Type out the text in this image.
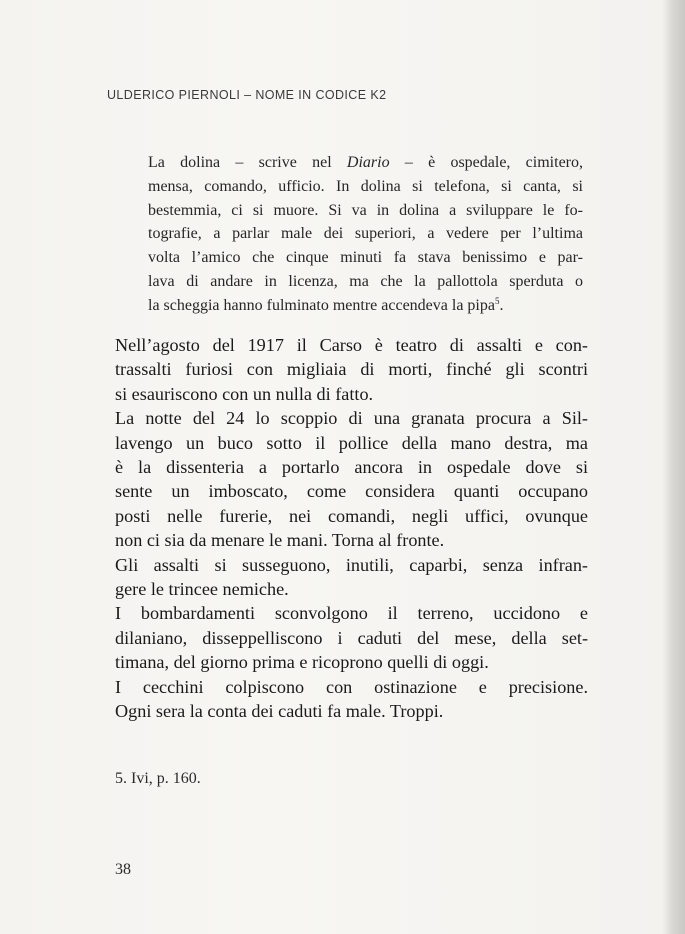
ULDERICO PIERNOLI – NOME IN CODICE K2
La dolina – scrive nel Diario – è ospedale, cimitero,
mensa, comando, ufficio. In dolina si telefona, si canta, si
bestemmia, ci si muore. Si va in dolina a sviluppare le fo-
tografie, a parlar male dei superiori, a vedere per l’ultima
volta l’amico che cinque minuti fa stava benissimo e par-
lava di andare in licenza, ma che la pallottola sperduta o
la scheggia hanno fulminato mentre accendeva la pipa$^5$.
Nell’agosto del 1917 il Carso è teatro di assalti e con-
trassalti furiosi con migliaia di morti, finché gli scontri
si esauriscono con un nulla di fatto.
La notte del 24 lo scoppio di una granata procura a Sil-
lavengo un buco sotto il pollice della mano destra, ma
è la dissenteria a portarlo ancora in ospedale dove si
sente un imboscato, come considera quanti occupano
posti nelle furerie, nei comandi, negli uffici, ovunque
non ci sia da menare le mani. Torna al fronte.
Gli assalti si susseguono, inutili, caparbi, senza infran-
gere le trincee nemiche.
I bombardamenti sconvolgono il terreno, uccidono e
dilaniano, disseppelliscono i caduti del mese, della set-
timana, del giorno prima e ricoprono quelli di oggi.
I cecchini colpiscono con ostinazione e precisione.
Ogni sera la conta dei caduti fa male. Troppi.
5. Ivi, p. 160.
38
